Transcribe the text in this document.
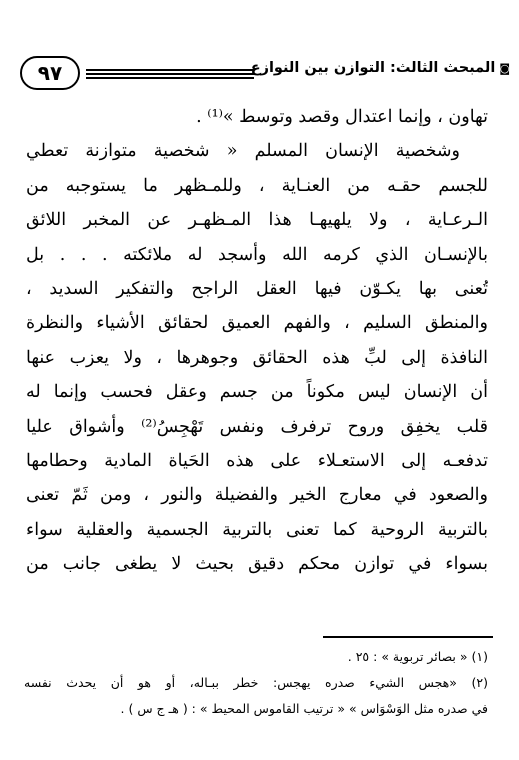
٩٧	◙
المبحث الثالث: التوازن بين النوازع
تهاون ، وإنما اعتدال وقصد وتوسط »⁽¹⁾ .
وشخصية الإنسان المسلم « شخصية متوازنة تعطي
للجسم حقـه من العنـاية ، وللمـظهر ما يستوجبه من
الـرعـاية ، ولا يلهيهـا هذا المـظهـر عن المخبر اللائق
بالإنسـان الذي كرمه الله وأسجد له ملائكته . . . بل
تُعنى بها يكـوّن فيها العقل الراجح والتفكير السديد ،
والمنطق السليم ، والفهم العميق لحقائق الأشياء والنظرة
النافذة إلى لبِّ هذه الحقائق وجوهرها ، ولا يعزب عنها
أن الإنسان ليس مكوناً من جسم وعقل فحسب وإنما له
قلب يخفِق وروح ترفرف ونفس تَهْجِسُ⁽²⁾ وأشواق عليا
تدفعـه إلى الاستعـلاء على هذه الحَياة المادية وحطامها
والصعود في معارج الخير والفضيلة والنور ، ومن ثَمّ تعنى
بالتربية الروحية كما تعنى بالتربية الجسمية والعقلية سواء
بسواء في توازن محكم دقيق بحيث لا يطغى جانب من
(١) « بصائر تربوية » : ٢٥ .
(٢) «هجس الشيء صدره يهجس: خطر ببـاله، أو هو أن يحدث نفسه
في صدره مثل الوَسْوَاس » « ترتيب القاموس المحيط » : ( هـ ج س ) .
